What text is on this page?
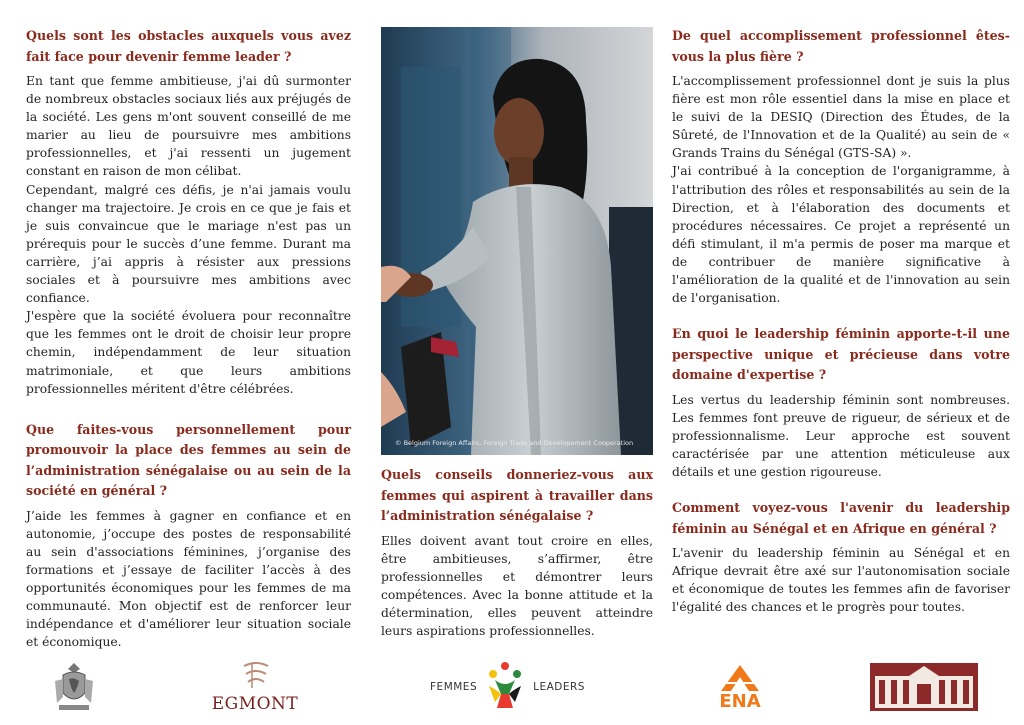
Quels sont les obstacles auxquels vous avez fait face pour devenir femme leader ?

En tant que femme ambitieuse, j'ai dû surmonter de nombreux obstacles sociaux liés aux préjugés de la société. Les gens m'ont souvent conseillé de me marier au lieu de poursuivre mes ambitions professionnelles, et j'ai ressenti un jugement constant en raison de mon célibat.

Cependant, malgré ces défis, je n'ai jamais voulu changer ma trajectoire. Je crois en ce que je fais et je suis convaincue que le mariage n'est pas un prérequis pour le succès d’une femme. Durant ma carrière, j’ai appris à résister aux pressions sociales et à poursuivre mes ambitions avec confiance.

J'espère que la société évoluera pour reconnaître que les femmes ont le droit de choisir leur propre chemin, indépendamment de leur situation matrimoniale, et que leurs ambitions professionnelles méritent d'être célébrées.

Que faites-vous personnellement pour promouvoir la place des femmes au sein de l’administration sénégalaise ou au sein de la société en général ?

J’aide les femmes à gagner en confiance et en autonomie, j’occupe des postes de responsabilité au sein d'associations féminines, j’organise des formations et j’essaye de faciliter l’accès à des opportunités économiques pour les femmes de ma communauté. Mon objectif est de renforcer leur indépendance et d'améliorer leur situation sociale et économique.

© Belgium Foreign Affairs, Foreign Trade and Developement Cooperation
Quels conseils donneriez-vous aux femmes qui aspirent à travailler dans l’administration sénégalaise ?

Elles doivent avant tout croire en elles, être ambitieuses, s’affirmer, être professionnelles et démontrer leurs compétences. Avec la bonne attitude et la détermination, elles peuvent atteindre leurs aspirations professionnelles.

De quel accomplissement professionnel êtes-vous la plus fière ?

L'accomplissement professionnel dont je suis la plus fière est mon rôle essentiel dans la mise en place et le suivi de la DESIQ (Direction des Études, de la Sûreté, de l'Innovation et de la Qualité) au sein de « Grands Trains du Sénégal (GTS-SA) ».

J'ai contribué à la conception de l'organigramme, à l'attribution des rôles et responsabilités au sein de la Direction, et à l'élaboration des documents et procédures nécessaires. Ce projet a représenté un défi stimulant, il m'a permis de poser ma marque et de contribuer de manière significative à l'amélioration de la qualité et de l'innovation au sein de l'organisation.

En quoi le leadership féminin apporte-t-il une perspective unique et précieuse dans votre domaine d'expertise ?

Les vertus du leadership féminin sont nombreuses. Les femmes font preuve de rigueur, de sérieux et de professionnalisme. Leur approche est souvent caractérisée par une attention méticuleuse aux détails et une gestion rigoureuse.

Comment voyez-vous l'avenir du leadership féminin au Sénégal et en Afrique en général ?

L'avenir du leadership féminin au Sénégal et en Afrique devrait être axé sur l'autonomisation sociale et économique de toutes les femmes afin de favoriser l'égalité des chances et le progrès pour toutes.

EGMONT
FEMMES	LEADERS
ENA
